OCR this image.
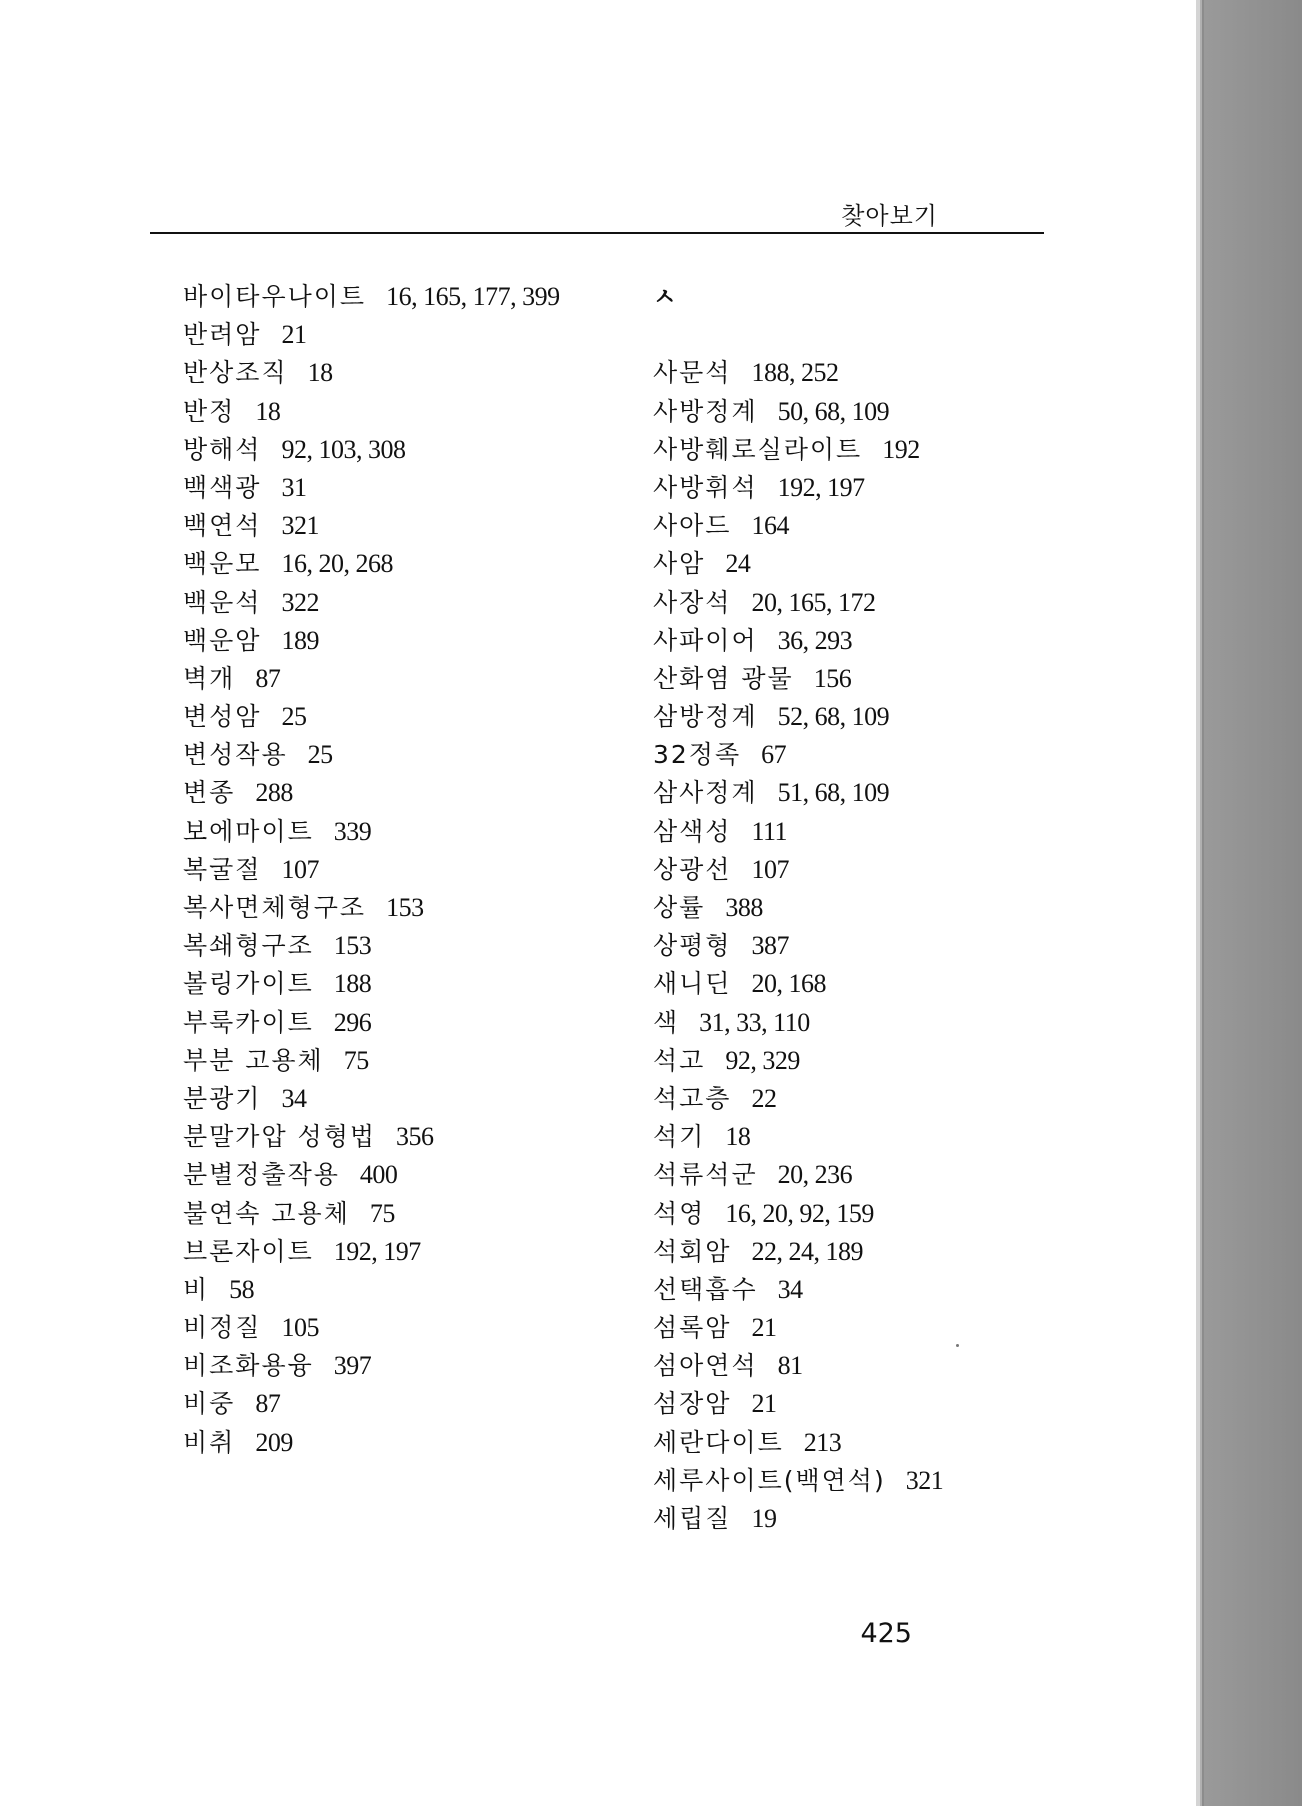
찾아보기
바이타우나이트 16, 165, 177, 399
반려암 21
반상조직 18
반정 18
방해석 92, 103, 308
백색광 31
백연석 321
백운모 16, 20, 268
백운석 322
백운암 189
벽개 87
변성암 25
변성작용 25
변종 288
보에마이트 339
복굴절 107
복사면체형구조 153
복쇄형구조 153
볼링가이트 188
부룩카이트 296
부분 고용체 75
분광기 34
분말가압 성형법 356
분별정출작용 400
불연속 고용체 75
브론자이트 192, 197
비 58
비정질 105
비조화용융 397
비중 87
비취 209
ㅅ
사문석 188, 252
사방정계 50, 68, 109
사방훼로실라이트 192
사방휘석 192, 197
사아드 164
사암 24
사장석 20, 165, 172
사파이어 36, 293
산화염 광물 156
삼방정계 52, 68, 109
32정족 67
삼사정계 51, 68, 109
삼색성 111
상광선 107
상률 388
상평형 387
새니딘 20, 168
색 31, 33, 110
석고 92, 329
석고층 22
석기 18
석류석군 20, 236
석영 16, 20, 92, 159
석회암 22, 24, 189
선택흡수 34
섬록암 21
섬아연석 81
섬장암 21
세란다이트 213
세루사이트(백연석) 321
세립질 19
425
